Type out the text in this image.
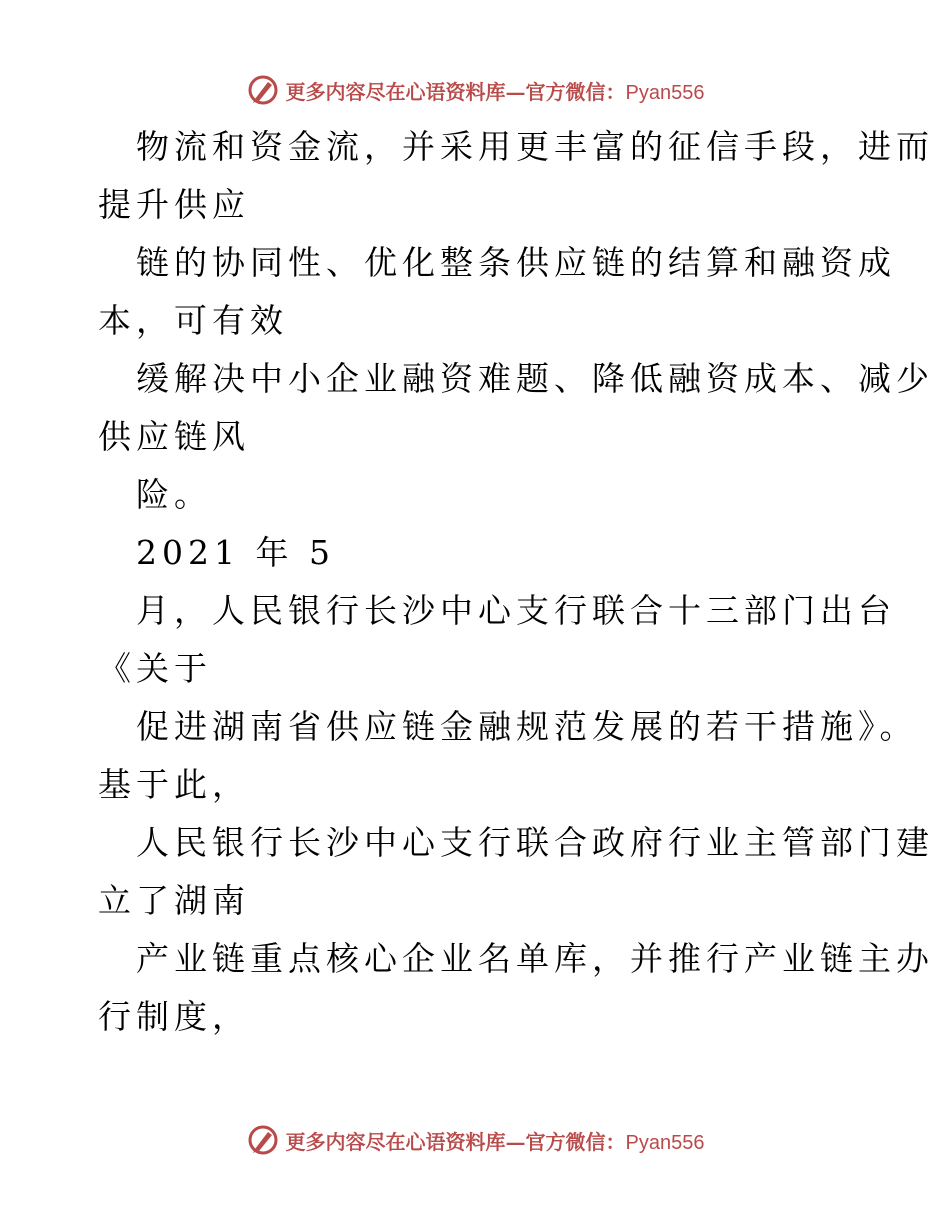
更多内容尽在心语资料库—官方微信：Pyan556
物流和资金流，并采用更丰富的征信手段，进而
提升供应
链的协同性、优化整条供应链的结算和融资成
本，可有效
缓解决中小企业融资难题、降低融资成本、减少
供应链风
险。
2021 年 5
月，人民银行长沙中心支行联合十三部门出台
《关于
促进湖南省供应链金融规范发展的若干措施》。
基于此，
人民银行长沙中心支行联合政府行业主管部门建
立了湖南
产业链重点核心企业名单库，并推行产业链主办
行制度，
更多内容尽在心语资料库—官方微信：Pyan556
